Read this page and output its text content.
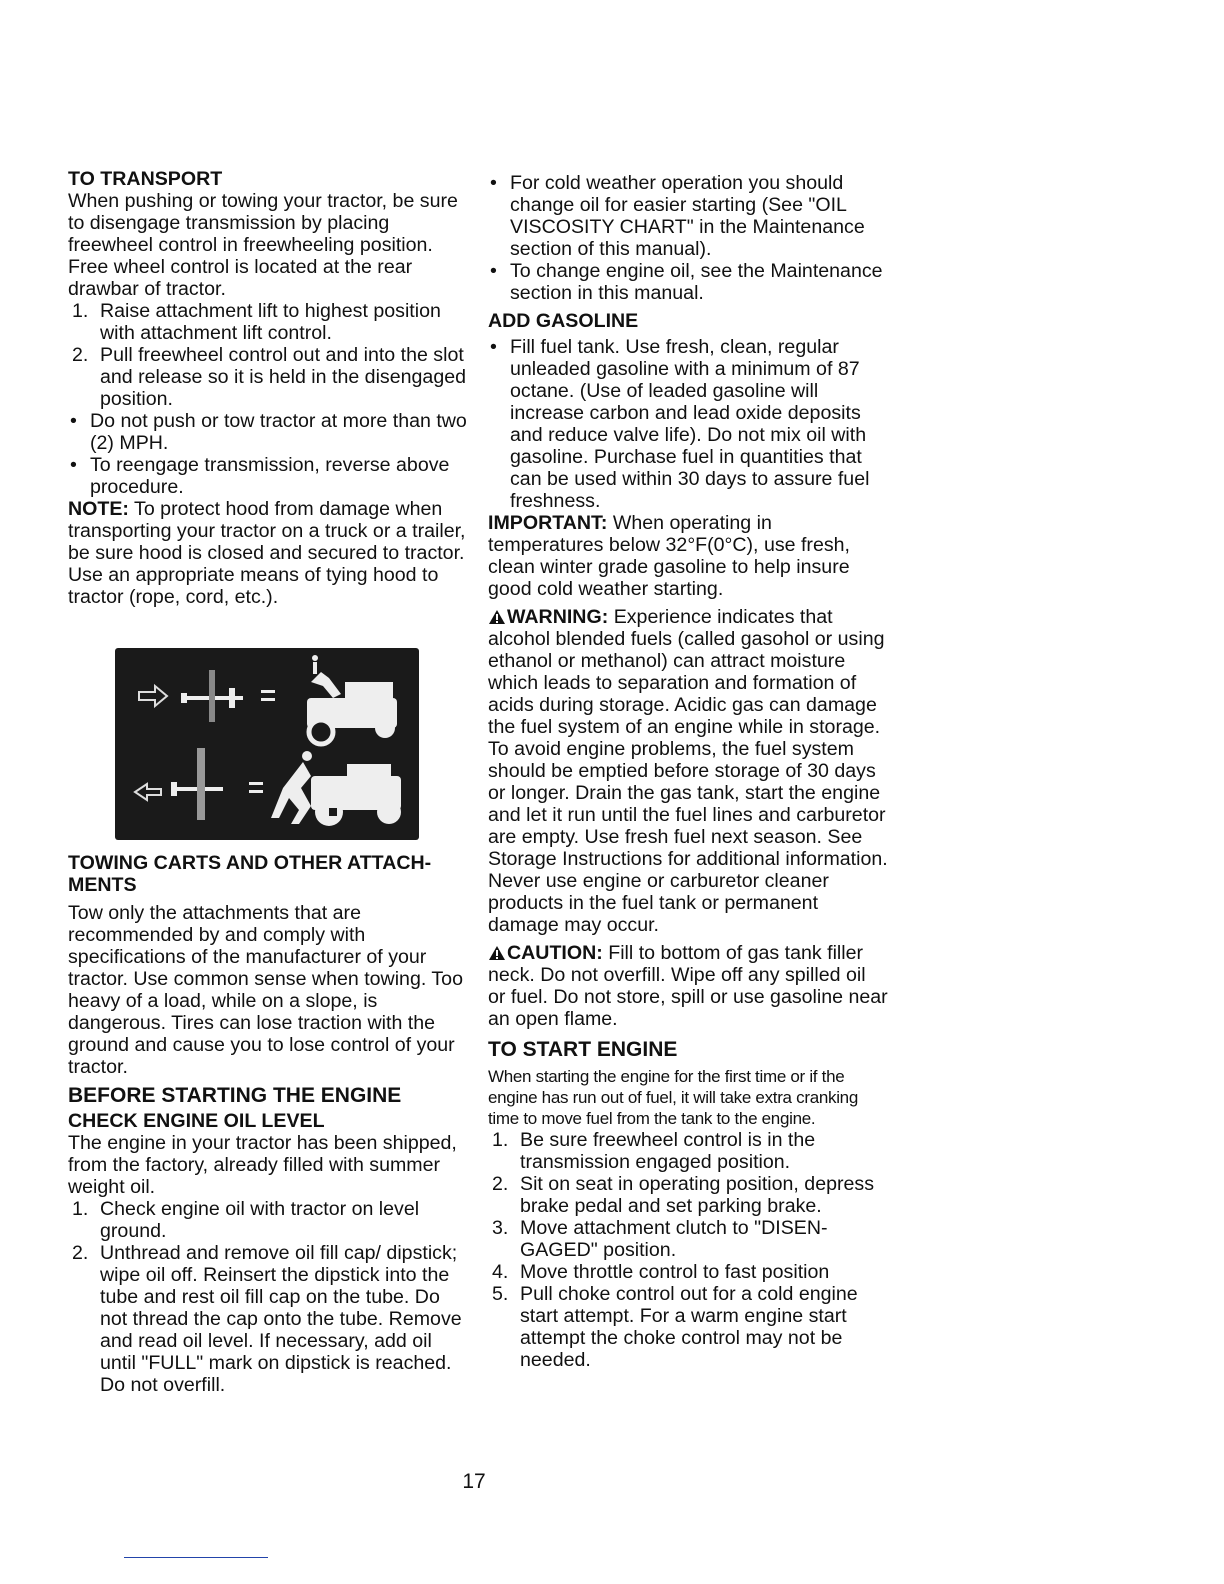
TO TRANSPORT

When pushing or towing your tractor, be sure to disengage transmission by placing freewheel control in freewheeling position. Free wheel control is located at the rear drawbar of tractor.

1. Raise attachment lift to highest position with attachment lift control.
2. Pull freewheel control out and into the slot and release so it is held in the disengaged position.
• Do not push or tow tractor at more than two (2) MPH.
• To reengage transmission, reverse above procedure.

NOTE: To protect hood from damage when transporting your tractor on a truck or a trailer, be sure hood is closed and secured to tractor. Use an appropriate means of tying hood to tractor (rope, cord, etc.).

TOWING CARTS AND OTHER ATTACH-
MENTS

Tow only the attachments that are recommended by and comply with specifications of the manufacturer of your tractor. Use common sense when towing. Too heavy of a load, while on a slope, is dangerous. Tires can lose traction with the ground and cause you to lose control of your tractor.

BEFORE STARTING THE ENGINE
CHECK ENGINE OIL LEVEL

The engine in your tractor has been shipped, from the factory, already filled with summer weight oil.

1. Check engine oil with tractor on level ground.
2. Unthread and remove oil fill cap/ dipstick; wipe oil off. Reinsert the dipstick into the tube and rest oil fill cap on the tube. Do not thread the cap onto the tube. Remove and read oil level. If necessary, add oil until "FULL" mark on dipstick is reached. Do not overfill.
• For cold weather operation you should change oil for easier starting (See "OIL VISCOSITY CHART" in the Maintenance section of this manual).
• To change engine oil, see the Maintenance section in this manual.
ADD GASOLINE
• Fill fuel tank. Use fresh, clean, regular unleaded gasoline with a minimum of 87 octane. (Use of leaded gasoline will increase carbon and lead oxide deposits and reduce valve life). Do not mix oil with gasoline. Purchase fuel in quantities that can be used within 30 days to assure fuel freshness.

IMPORTANT: When operating in temperatures below 32°F(0°C), use fresh, clean winter grade gasoline to help insure good cold weather starting.

WARNING: Experience indicates that alcohol blended fuels (called gasohol or using ethanol or methanol) can attract moisture which leads to separation and formation of acids during storage. Acidic gas can damage the fuel system of an engine while in storage. To avoid engine problems, the fuel system should be emptied before storage of 30 days or longer. Drain the gas tank, start the engine and let it run until the fuel lines and carburetor are empty. Use fresh fuel next season. See Storage Instructions for additional information. Never use engine or carburetor cleaner products in the fuel tank or permanent damage may occur.

CAUTION: Fill to bottom of gas tank filler neck. Do not overfill. Wipe off any spilled oil or fuel. Do not store, spill or use gasoline near an open flame.

TO START ENGINE

When starting the engine for the first time or if the engine has run out of fuel, it will take extra cranking time to move fuel from the tank to the engine.

1. Be sure freewheel control is in the transmission engaged position.
2. Sit on seat in operating position, depress brake pedal and set parking brake.
3. Move attachment clutch to "DISEN- GAGED" position.
4. Move throttle control to fast position
5. Pull choke control out for a cold engine start attempt. For a warm engine start attempt the choke control may not be needed.
17
